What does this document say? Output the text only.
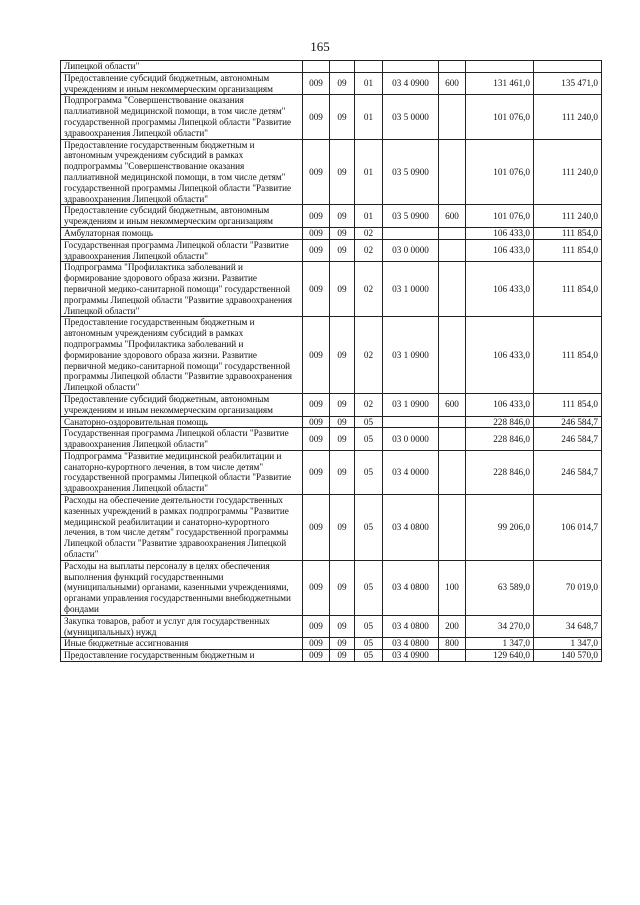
165
Липецкой области"							
Предоставление субсидий бюджетным, автономным учреждениям и иным некоммерческим организациям	009	09	01	03 4 0900	600	131 461,0	135 471,0
Подпрограмма "Совершенствование оказания паллиативной медицинской помощи, в том числе детям" государственной программы Липецкой области "Развитие здравоохранения Липецкой области"	009	09	01	03 5 0000		101 076,0	111 240,0
Предоставление государственным бюджетным и автономным учреждениям субсидий в рамках подпрограммы "Совершенствование оказания паллиативной медицинской помощи, в том числе детям" государственной программы Липецкой области "Развитие здравоохранения Липецкой области"	009	09	01	03 5 0900		101 076,0	111 240,0
Предоставление субсидий бюджетным, автономным учреждениям и иным некоммерческим организациям	009	09	01	03 5 0900	600	101 076,0	111 240,0
Амбулаторная помощь	009	09	02			106 433,0	111 854,0
Государственная программа Липецкой области "Развитие здравоохранения Липецкой области"	009	09	02	03 0 0000		106 433,0	111 854,0
Подпрограмма "Профилактика заболеваний и формирование здорового образа жизни. Развитие первичной медико-санитарной помощи" государственной программы Липецкой области "Развитие здравоохранения Липецкой области"	009	09	02	03 1 0000		106 433,0	111 854,0
Предоставление государственным бюджетным и автономным учреждениям субсидий в рамках подпрограммы "Профилактика заболеваний и формирование здорового образа жизни. Развитие первичной медико-санитарной помощи" государственной программы Липецкой области "Развитие здравоохранения Липецкой области"	009	09	02	03 1 0900		106 433,0	111 854,0
Предоставление субсидий бюджетным, автономным учреждениям и иным некоммерческим организациям	009	09	02	03 1 0900	600	106 433,0	111 854,0
Санаторно-оздоровительная помощь	009	09	05			228 846,0	246 584,7
Государственная программа Липецкой области "Развитие здравоохранения Липецкой области"	009	09	05	03 0 0000		228 846,0	246 584,7
Подпрограмма "Развитие медицинской реабилитации и санаторно-курортного лечения, в том числе детям" государственной программы Липецкой области "Развитие здравоохранения Липецкой области"	009	09	05	03 4 0000		228 846,0	246 584,7
Расходы на обеспечение деятельности государственных казенных учреждений в рамках подпрограммы "Развитие медицинской реабилитации и санаторно-курортного лечения, в том числе детям" государственной программы Липецкой области "Развитие здравоохранения Липецкой области"	009	09	05	03 4 0800		99 206,0	106 014,7
Расходы на выплаты персоналу в целях обеспечения выполнения функций государственными (муниципальными) органами, казенными учреждениями, органами управления государственными внебюджетными фондами	009	09	05	03 4 0800	100	63 589,0	70 019,0
Закупка товаров, работ и услуг для государственных (муниципальных) нужд	009	09	05	03 4 0800	200	34 270,0	34 648,7
Иные бюджетные ассигнования	009	09	05	03 4 0800	800	1 347,0	1 347,0
Предоставление государственным бюджетным и	009	09	05	03 4 0900		129 640,0	140 570,0
